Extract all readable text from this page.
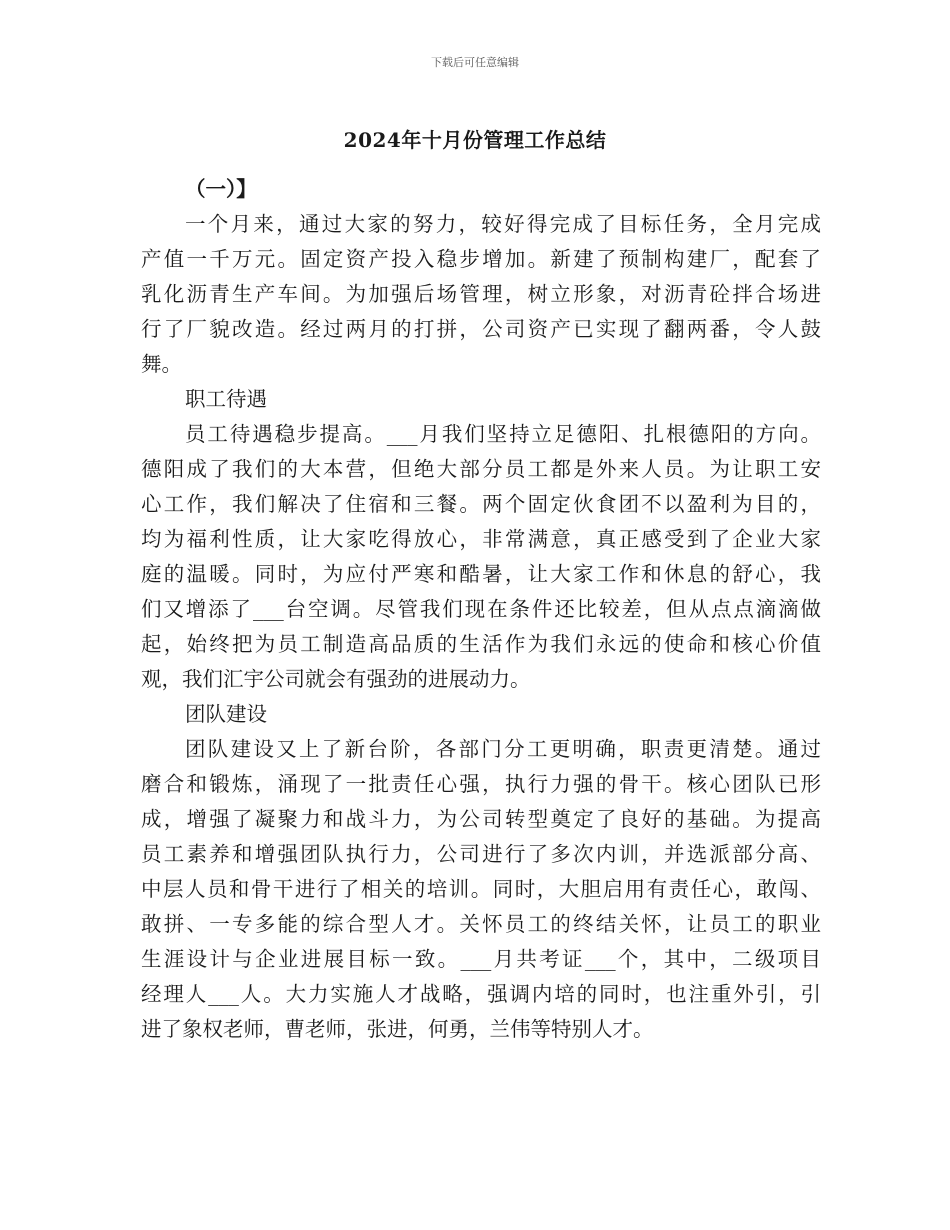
下载后可任意编辑
2024年十月份管理工作总结
（一）】
一个月来，通过大家的努力，较好得完成了目标任务，全月完成
产值一千万元。固定资产投入稳步增加。新建了预制构建厂，配套了
乳化沥青生产车间。为加强后场管理，树立形象，对沥青砼拌合场进
行了厂貌改造。经过两月的打拼，公司资产已实现了翻两番，令人鼓
舞。
职工待遇
员工待遇稳步提高。___月我们坚持立足德阳、扎根德阳的方向。
德阳成了我们的大本营，但绝大部分员工都是外来人员。为让职工安
心工作，我们解决了住宿和三餐。两个固定伙食团不以盈利为目的，
均为福利性质，让大家吃得放心，非常满意，真正感受到了企业大家
庭的温暖。同时，为应付严寒和酷暑，让大家工作和休息的舒心，我
们又增添了___台空调。尽管我们现在条件还比较差，但从点点滴滴做
起，始终把为员工制造高品质的生活作为我们永远的使命和核心价值
观，我们汇宇公司就会有强劲的进展动力。
团队建设
团队建设又上了新台阶，各部门分工更明确，职责更清楚。通过
磨合和锻炼，涌现了一批责任心强，执行力强的骨干。核心团队已形
成，增强了凝聚力和战斗力，为公司转型奠定了良好的基础。为提高
员工素养和增强团队执行力，公司进行了多次内训，并选派部分高、
中层人员和骨干进行了相关的培训。同时，大胆启用有责任心，敢闯、
敢拼、一专多能的综合型人才。关怀员工的终结关怀，让员工的职业
生涯设计与企业进展目标一致。___月共考证___个，其中，二级项目
经理人___人。大力实施人才战略，强调内培的同时，也注重外引，引
进了象权老师，曹老师，张进，何勇，兰伟等特别人才。
